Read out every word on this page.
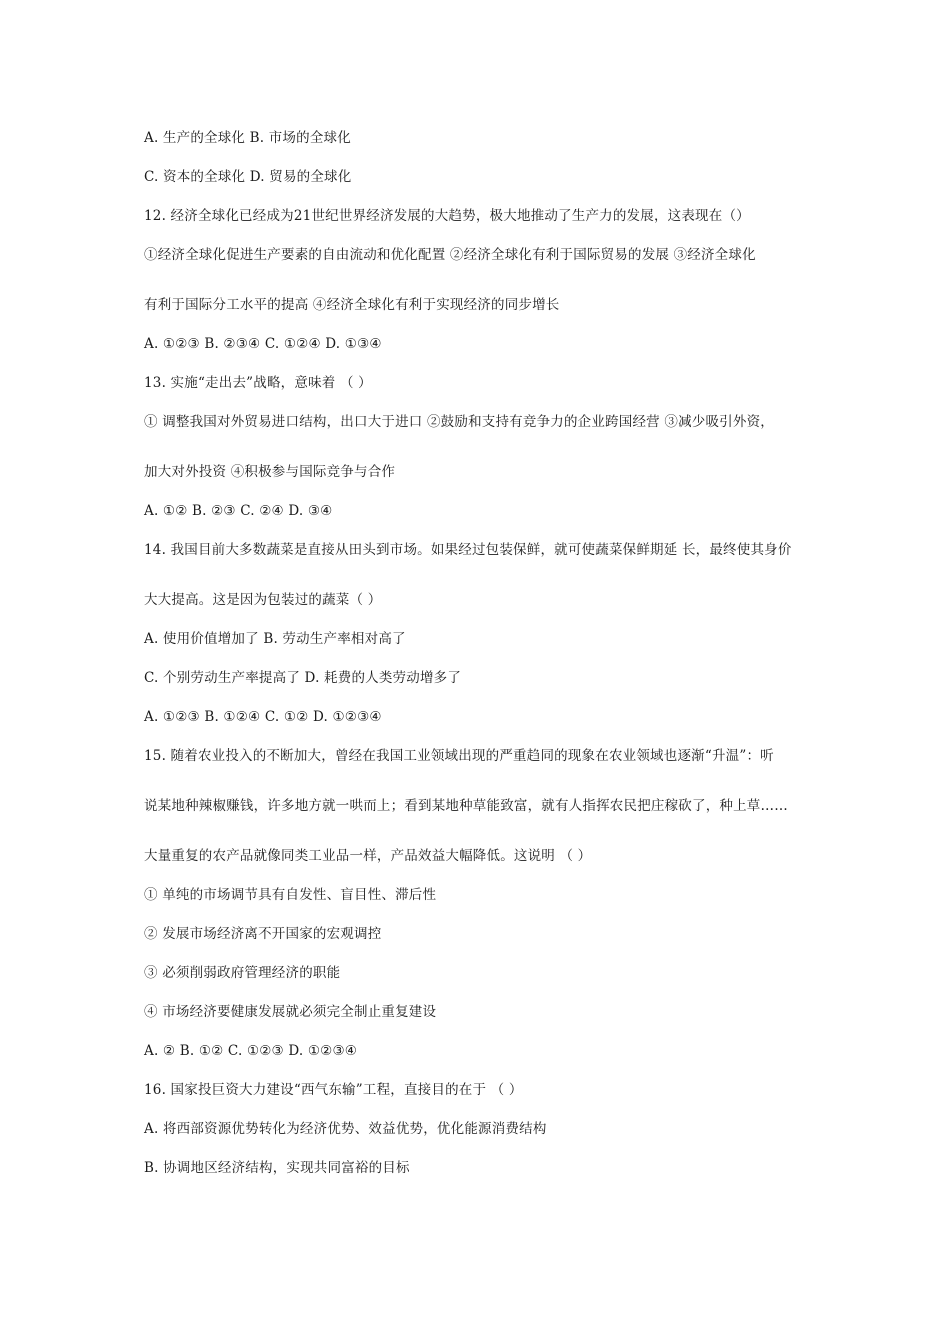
A. 生产的全球化 B. 市场的全球化
C. 资本的全球化 D. 贸易的全球化
12. 经济全球化已经成为21世纪世界经济发展的大趋势，极大地推动了生产力的发展，这表现在（）
①经济全球化促进生产要素的自由流动和优化配置 ②经济全球化有利于国际贸易的发展 ③经济全球化
有利于国际分工水平的提高 ④经济全球化有利于实现经济的同步增长
A. ①②③ B. ②③④ C. ①②④ D. ①③④
13. 实施“走出去”战略，意味着 （ ）
① 调整我国对外贸易进口结构，出口大于进口 ②鼓励和支持有竞争力的企业跨国经营 ③减少吸引外资，
加大对外投资 ④积极参与国际竞争与合作
A. ①② B. ②③ C. ②④ D. ③④
14. 我国目前大多数蔬菜是直接从田头到市场。如果经过包装保鲜，就可使蔬菜保鲜期延 长，最终使其身价
大大提高。这是因为包装过的蔬菜（ ）
A. 使用价值增加了 B. 劳动生产率相对高了
C. 个别劳动生产率提高了 D. 耗费的人类劳动增多了
A. ①②③ B. ①②④ C. ①② D. ①②③④
15. 随着农业投入的不断加大，曾经在我国工业领域出现的严重趋同的现象在农业领域也逐渐“升温”：听
说某地种辣椒赚钱，许多地方就一哄而上；看到某地种草能致富，就有人指挥农民把庄稼砍了，种上草……
大量重复的农产品就像同类工业品一样，产品效益大幅降低。这说明 （ ）
① 单纯的市场调节具有自发性、盲目性、滞后性
② 发展市场经济离不开国家的宏观调控
③ 必须削弱政府管理经济的职能
④ 市场经济要健康发展就必须完全制止重复建设
A. ② B. ①② C. ①②③ D. ①②③④
16. 国家投巨资大力建设“西气东输”工程，直接目的在于 （ ）
A. 将西部资源优势转化为经济优势、效益优势，优化能源消费结构
B. 协调地区经济结构，实现共同富裕的目标
